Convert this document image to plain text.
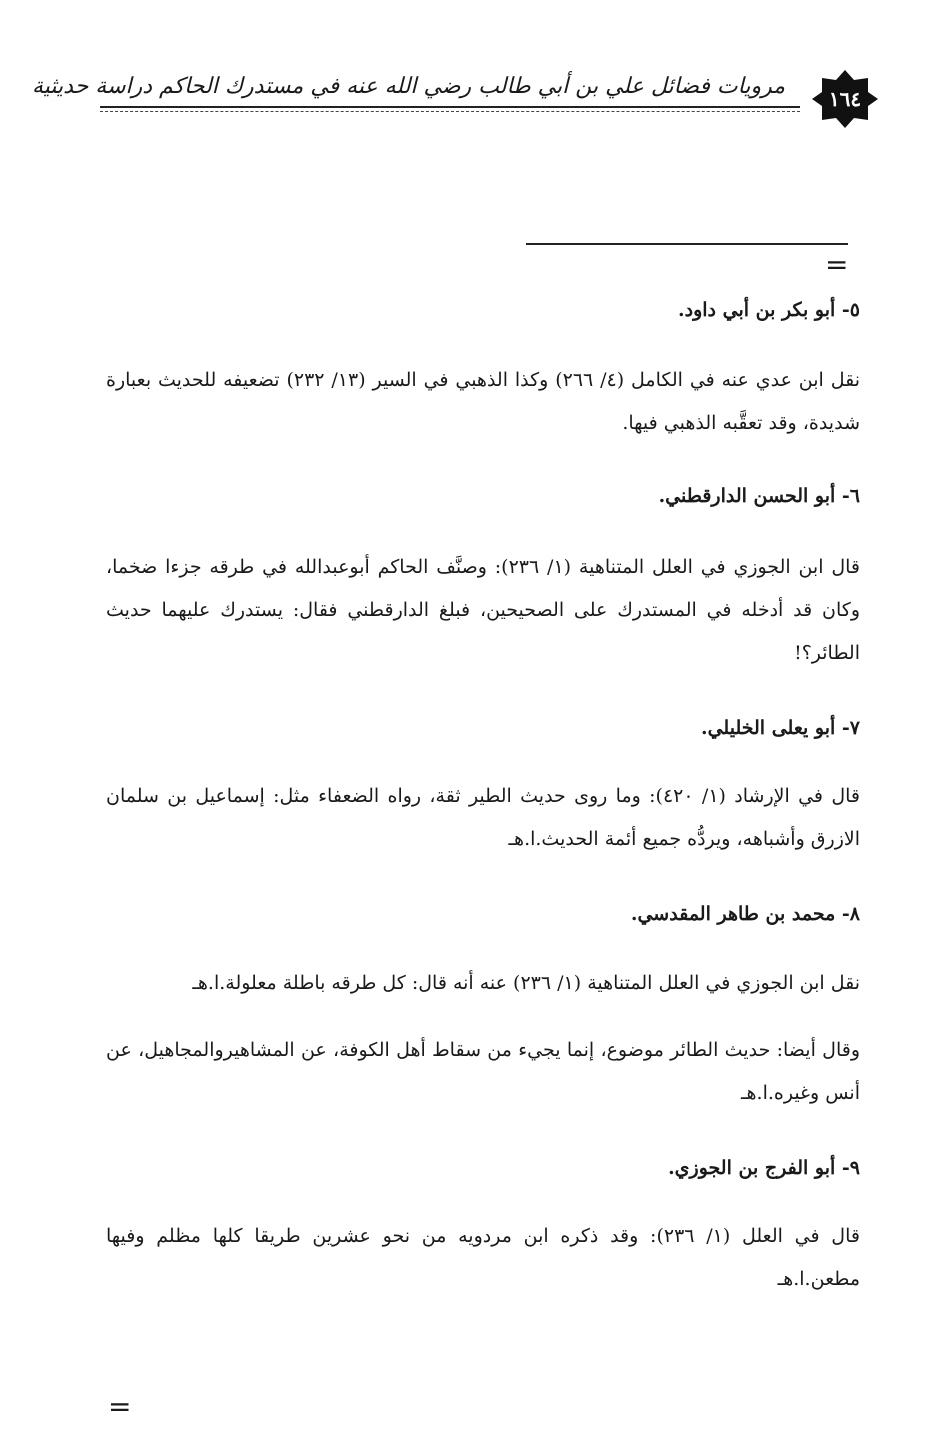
مرويات فضائل علي بن أبي طالب رضي الله عنه في مستدرك الحاكم دراسة حديثية ١٦٤
=
٥- أبو بكر بن أبي داود.
نقل ابن عدي عنه في الكامل (٤/ ٢٦٦) وكذا الذهبي في السير (١٣/ ٢٣٢) تضعيفه للحديث بعبارة شديدة، وقد تعقَّبه الذهبي فيها.
٦- أبو الحسن الدارقطني.
قال ابن الجوزي في العلل المتناهية (١/ ٢٣٦): وصنَّف الحاكم أبوعبدالله في طرقه جزءا ضخما، وكان قد أدخله في المستدرك على الصحيحين، فبلغ الدارقطني فقال: يستدرك عليهما حديث الطائر؟!
٧- أبو يعلى الخليلي.
قال في الإرشاد (١/ ٤٢٠): وما روى حديث الطير ثقة، رواه الضعفاء مثل: إسماعيل بن سلمان الازرق وأشباهه، ويردُّه جميع أئمة الحديث.ا.هـ
٨- محمد بن طاهر المقدسي.
نقل ابن الجوزي في العلل المتناهية (١/ ٢٣٦) عنه أنه قال: كل طرقه باطلة معلولة.ا.هـ
وقال أيضا: حديث الطائر موضوع، إنما يجيء من سقاط أهل الكوفة، عن المشاهيروالمجاهيل، عن أنس وغيره.ا.هـ
٩- أبو الفرج بن الجوزي.
قال في العلل (١/ ٢٣٦): وقد ذكره ابن مردويه من نحو عشرين طريقا كلها مظلم وفيها مطعن.ا.هـ
=
